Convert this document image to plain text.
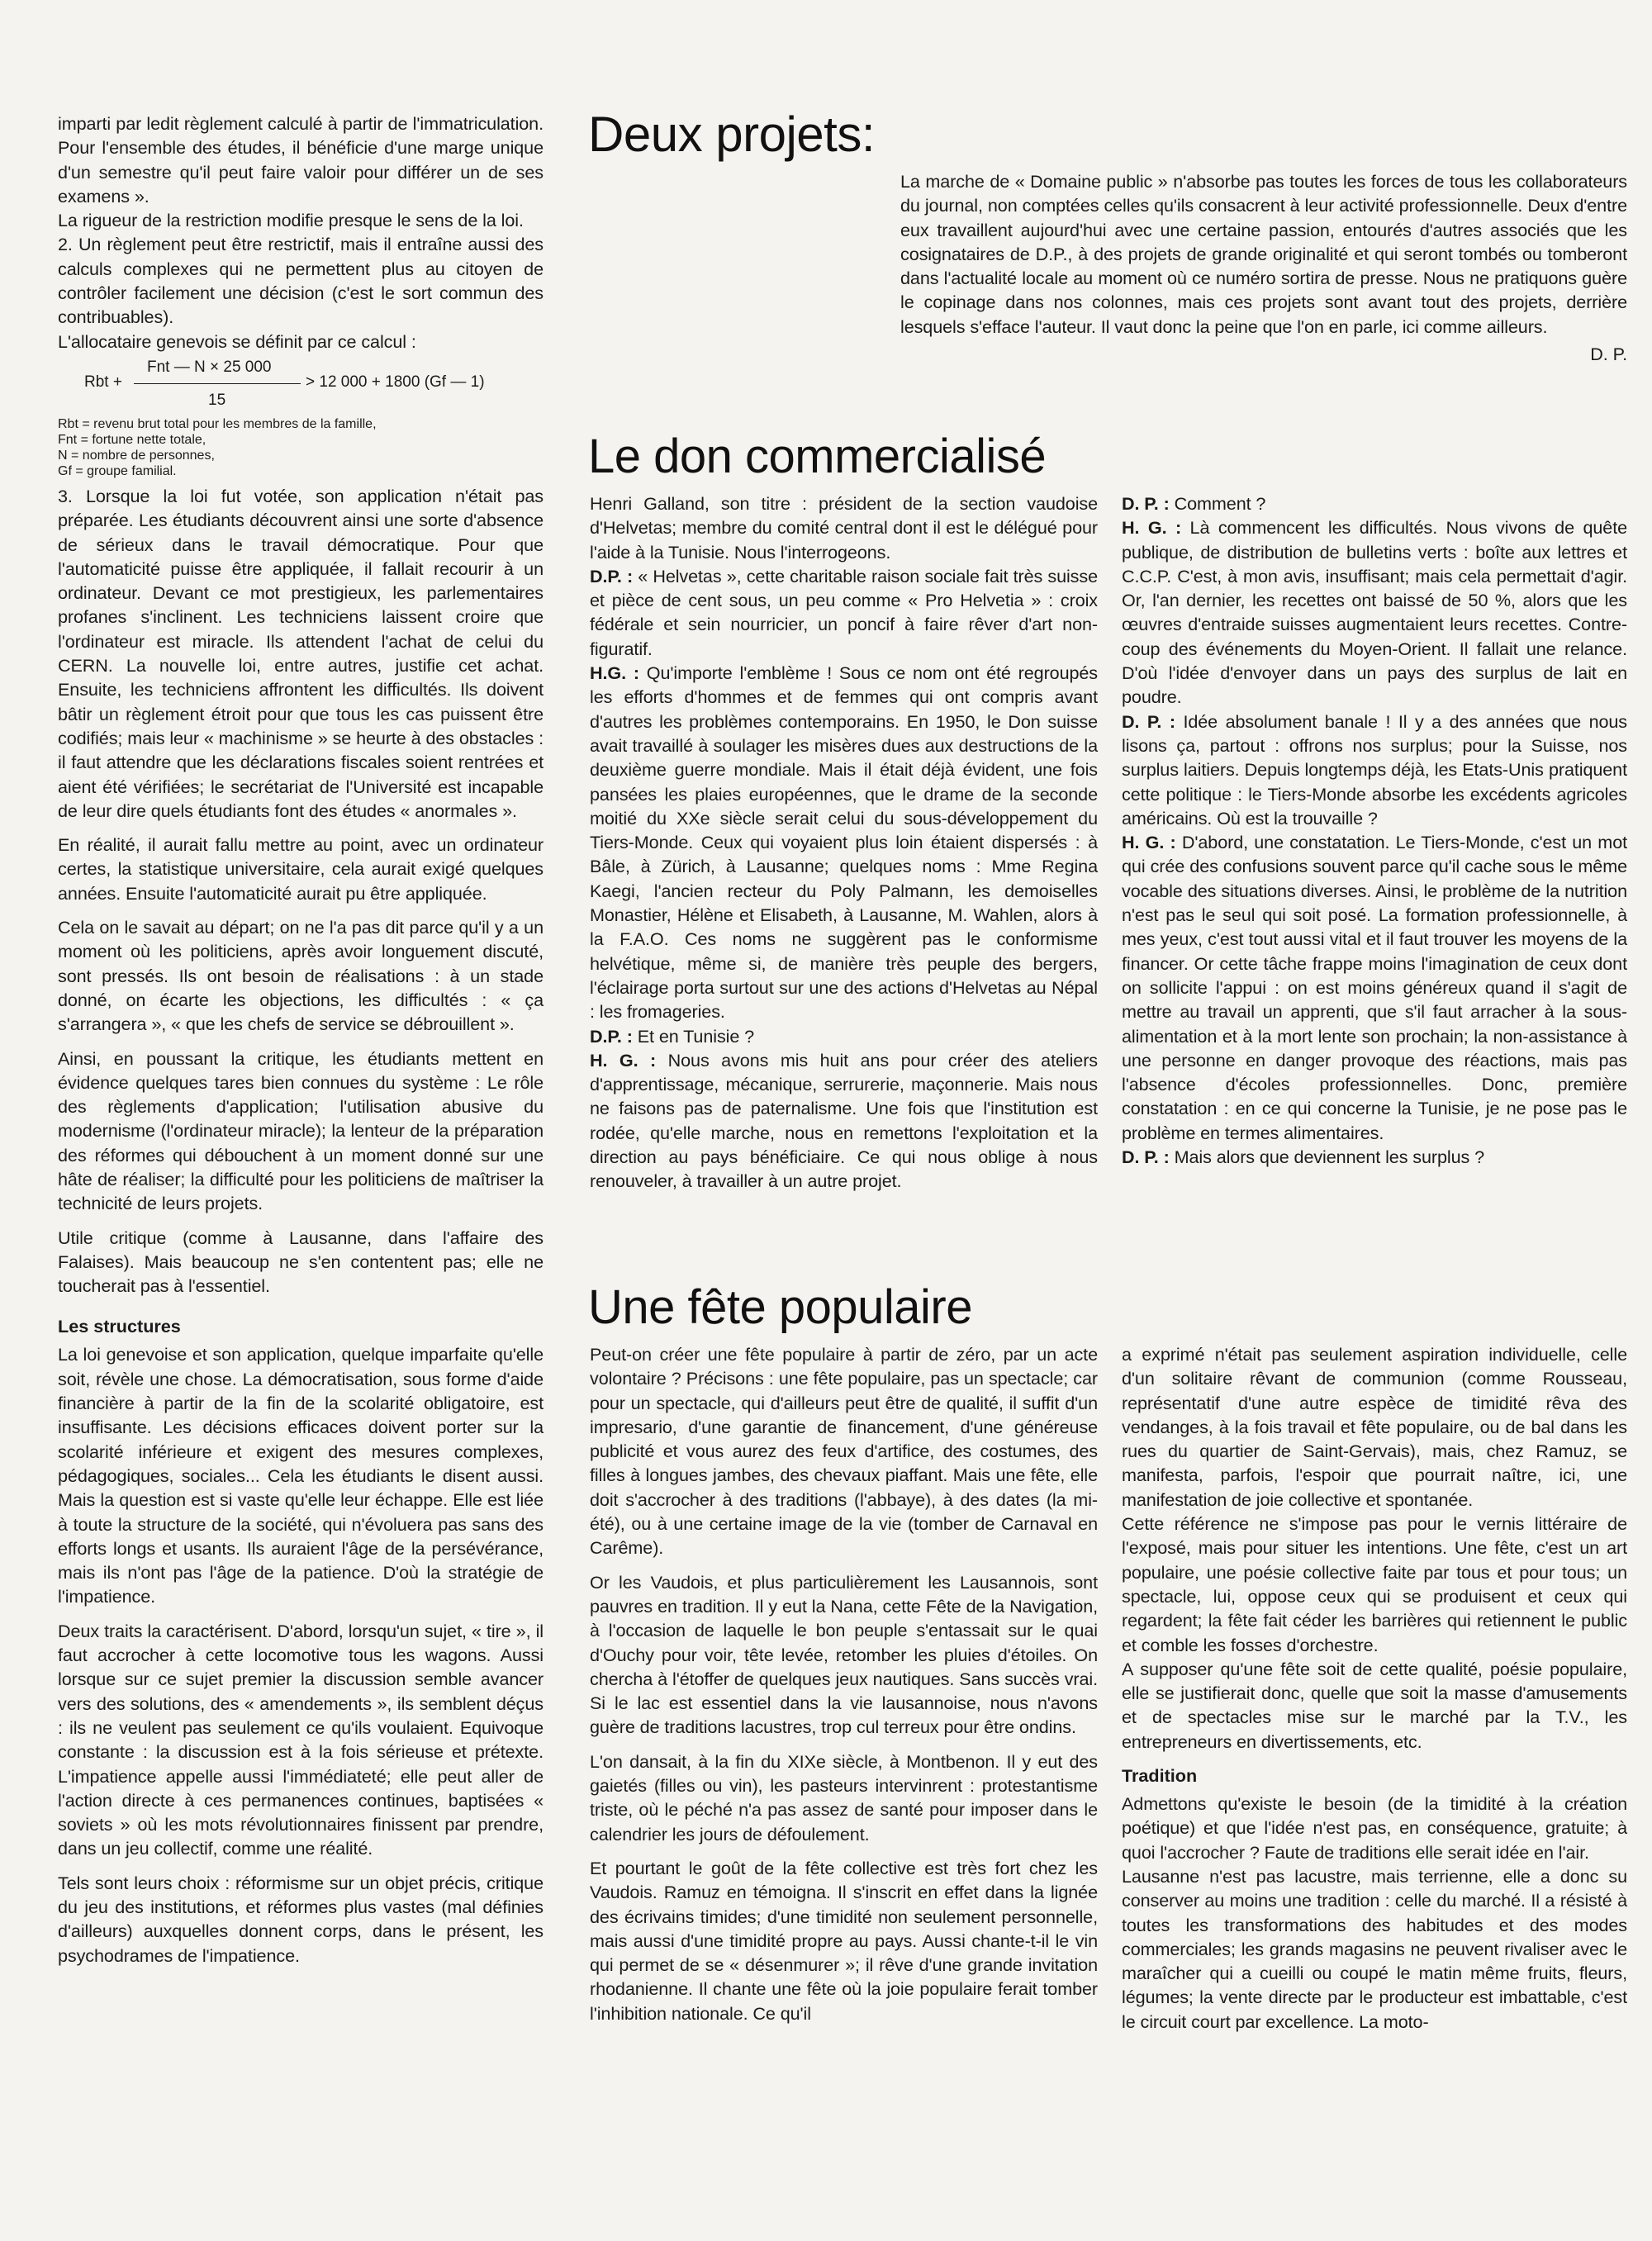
imparti par ledit règlement calculé à partir de l'immatriculation. Pour l'ensemble des études, il bénéficie d'une marge unique d'un semestre qu'il peut faire valoir pour différer un de ses examens ».

La rigueur de la restriction modifie presque le sens de la loi.

2. Un règlement peut être restrictif, mais il entraîne aussi des calculs complexes qui ne permettent plus au citoyen de contrôler facilement une décision (c'est le sort commun des contribuables).

L'allocataire genevois se définit par ce calcul :

Fnt — N × 25 000
Rbt +	> 12 000 + 1800 (Gf — 1)
15

Rbt = revenu brut total pour les membres de la famille,
Fnt = fortune nette totale,
N = nombre de personnes,
Gf = groupe familial.

3. Lorsque la loi fut votée, son application n'était pas préparée. Les étudiants découvrent ainsi une sorte d'absence de sérieux dans le travail démocratique. Pour que l'automaticité puisse être appliquée, il fallait recourir à un ordinateur. Devant ce mot prestigieux, les parlementaires profanes s'inclinent. Les techniciens laissent croire que l'ordinateur est miracle. Ils attendent l'achat de celui du CERN. La nouvelle loi, entre autres, justifie cet achat. Ensuite, les techniciens affrontent les difficultés. Ils doivent bâtir un règlement étroit pour que tous les cas puissent être codifiés; mais leur « machinisme » se heurte à des obstacles : il faut attendre que les déclarations fiscales soient rentrées et aient été vérifiées; le secrétariat de l'Université est incapable de leur dire quels étudiants font des études « anormales ».

En réalité, il aurait fallu mettre au point, avec un ordinateur certes, la statistique universitaire, cela aurait exigé quelques années. Ensuite l'automaticité aurait pu être appliquée.

Cela on le savait au départ; on ne l'a pas dit parce qu'il y a un moment où les politiciens, après avoir longuement discuté, sont pressés. Ils ont besoin de réalisations : à un stade donné, on écarte les objections, les difficultés : « ça s'arrangera », « que les chefs de service se débrouillent ».

Ainsi, en poussant la critique, les étudiants mettent en évidence quelques tares bien connues du système : Le rôle des règlements d'application; l'utilisation abusive du modernisme (l'ordinateur miracle); la lenteur de la préparation des réformes qui débouchent à un moment donné sur une hâte de réaliser; la difficulté pour les politiciens de maîtriser la technicité de leurs projets.

Utile critique (comme à Lausanne, dans l'affaire des Falaises). Mais beaucoup ne s'en contentent pas; elle ne toucherait pas à l'essentiel.

Les structures

La loi genevoise et son application, quelque imparfaite qu'elle soit, révèle une chose. La démocratisation, sous forme d'aide financière à partir de la fin de la scolarité obligatoire, est insuffisante. Les décisions efficaces doivent porter sur la scolarité inférieure et exigent des mesures complexes, pédagogiques, sociales... Cela les étudiants le disent aussi. Mais la question est si vaste qu'elle leur échappe. Elle est liée à toute la structure de la société, qui n'évoluera pas sans des efforts longs et usants. Ils auraient l'âge de la persévérance, mais ils n'ont pas l'âge de la patience. D'où la stratégie de l'impatience.

Deux traits la caractérisent. D'abord, lorsqu'un sujet, « tire », il faut accrocher à cette locomotive tous les wagons. Aussi lorsque sur ce sujet premier la discussion semble avancer vers des solutions, des « amendements », ils semblent déçus : ils ne veulent pas seulement ce qu'ils voulaient. Equivoque constante : la discussion est à la fois sérieuse et prétexte. L'impatience appelle aussi l'immédiateté; elle peut aller de l'action directe à ces permanences continues, baptisées « soviets » où les mots révolutionnaires finissent par prendre, dans un jeu collectif, comme une réalité.

Tels sont leurs choix : réformisme sur un objet précis, critique du jeu des institutions, et réformes plus vastes (mal définies d'ailleurs) auxquelles donnent corps, dans le présent, les psychodrames de l'impatience.

Deux projets:

La marche de « Domaine public » n'absorbe pas toutes les forces de tous les collaborateurs du journal, non comptées celles qu'ils consacrent à leur activité professionnelle. Deux d'entre eux travaillent aujourd'hui avec une certaine passion, entourés d'autres associés que les cosignataires de D.P., à des projets de grande originalité et qui seront tombés ou tomberont dans l'actualité locale au moment où ce numéro sortira de presse. Nous ne pratiquons guère le copinage dans nos colonnes, mais ces projets sont avant tout des projets, derrière lesquels s'efface l'auteur. Il vaut donc la peine que l'on en parle, ici comme ailleurs.

D. P.

Le don commercialisé

Henri Galland, son titre : président de la section vaudoise d'Helvetas; membre du comité central dont il est le délégué pour l'aide à la Tunisie. Nous l'interrogeons.

D.P. : « Helvetas », cette charitable raison sociale fait très suisse et pièce de cent sous, un peu comme « Pro Helvetia » : croix fédérale et sein nourricier, un poncif à faire rêver d'art non-figuratif.

H.G. : Qu'importe l'emblème ! Sous ce nom ont été regroupés les efforts d'hommes et de femmes qui ont compris avant d'autres les problèmes contemporains. En 1950, le Don suisse avait travaillé à soulager les misères dues aux destructions de la deuxième guerre mondiale. Mais il était déjà évident, une fois pansées les plaies européennes, que le drame de la seconde moitié du XXe siècle serait celui du sous-développement du Tiers-Monde. Ceux qui voyaient plus loin étaient dispersés : à Bâle, à Zürich, à Lausanne; quelques noms : Mme Regina Kaegi, l'ancien recteur du Poly Palmann, les demoiselles Monastier, Hélène et Elisabeth, à Lausanne, M. Wahlen, alors à la F.A.O. Ces noms ne suggèrent pas le conformisme helvétique, même si, de manière très peuple des bergers, l'éclairage porta surtout sur une des actions d'Helvetas au Népal : les fromageries.

D.P. : Et en Tunisie ?

H. G. : Nous avons mis huit ans pour créer des ateliers d'apprentissage, mécanique, serrurerie, maçonnerie. Mais nous ne faisons pas de paternalisme. Une fois que l'institution est rodée, qu'elle marche, nous en remettons l'exploitation et la direction au pays bénéficiaire. Ce qui nous oblige à nous renouveler, à travailler à un autre projet.

D. P. : Comment ?

H. G. : Là commencent les difficultés. Nous vivons de quête publique, de distribution de bulletins verts : boîte aux lettres et C.C.P. C'est, à mon avis, insuffisant; mais cela permettait d'agir. Or, l'an dernier, les recettes ont baissé de 50 %, alors que les œuvres d'entraide suisses augmentaient leurs recettes. Contre-coup des événements du Moyen-Orient. Il fallait une relance. D'où l'idée d'envoyer dans un pays des surplus de lait en poudre.

D. P. : Idée absolument banale ! Il y a des années que nous lisons ça, partout : offrons nos surplus; pour la Suisse, nos surplus laitiers. Depuis longtemps déjà, les Etats-Unis pratiquent cette politique : le Tiers-Monde absorbe les excédents agricoles américains. Où est la trouvaille ?

H. G. : D'abord, une constatation. Le Tiers-Monde, c'est un mot qui crée des confusions souvent parce qu'il cache sous le même vocable des situations diverses. Ainsi, le problème de la nutrition n'est pas le seul qui soit posé. La formation professionnelle, à mes yeux, c'est tout aussi vital et il faut trouver les moyens de la financer. Or cette tâche frappe moins l'imagination de ceux dont on sollicite l'appui : on est moins généreux quand il s'agit de mettre au travail un apprenti, que s'il faut arracher à la sous-alimentation et à la mort lente son prochain; la non-assistance à une personne en danger provoque des réactions, mais pas l'absence d'écoles professionnelles. Donc, première constatation : en ce qui concerne la Tunisie, je ne pose pas le problème en termes alimentaires.

D. P. : Mais alors que deviennent les surplus ?

Une fête populaire

Peut-on créer une fête populaire à partir de zéro, par un acte volontaire ? Précisons : une fête populaire, pas un spectacle; car pour un spectacle, qui d'ailleurs peut être de qualité, il suffit d'un impresario, d'une garantie de financement, d'une généreuse publicité et vous aurez des feux d'artifice, des costumes, des filles à longues jambes, des chevaux piaffant. Mais une fête, elle doit s'accrocher à des traditions (l'abbaye), à des dates (la mi-été), ou à une certaine image de la vie (tomber de Carnaval en Carême).

Or les Vaudois, et plus particulièrement les Lausannois, sont pauvres en tradition. Il y eut la Nana, cette Fête de la Navigation, à l'occasion de laquelle le bon peuple s'entassait sur le quai d'Ouchy pour voir, tête levée, retomber les pluies d'étoiles. On chercha à l'étoffer de quelques jeux nautiques. Sans succès vrai. Si le lac est essentiel dans la vie lausannoise, nous n'avons guère de traditions lacustres, trop cul terreux pour être ondins.

L'on dansait, à la fin du XIXe siècle, à Montbenon. Il y eut des gaietés (filles ou vin), les pasteurs intervinrent : protestantisme triste, où le péché n'a pas assez de santé pour imposer dans le calendrier les jours de défoulement.

Et pourtant le goût de la fête collective est très fort chez les Vaudois. Ramuz en témoigna. Il s'inscrit en effet dans la lignée des écrivains timides; d'une timidité non seulement personnelle, mais aussi d'une timidité propre au pays. Aussi chante-t-il le vin qui permet de se « désenmurer »; il rêve d'une grande invitation rhodanienne. Il chante une fête où la joie populaire ferait tomber l'inhibition nationale. Ce qu'il

a exprimé n'était pas seulement aspiration individuelle, celle d'un solitaire rêvant de communion (comme Rousseau, représentatif d'une autre espèce de timidité rêva des vendanges, à la fois travail et fête populaire, ou de bal dans les rues du quartier de Saint-Gervais), mais, chez Ramuz, se manifesta, parfois, l'espoir que pourrait naître, ici, une manifestation de joie collective et spontanée.

Cette référence ne s'impose pas pour le vernis littéraire de l'exposé, mais pour situer les intentions. Une fête, c'est un art populaire, une poésie collective faite par tous et pour tous; un spectacle, lui, oppose ceux qui se produisent et ceux qui regardent; la fête fait céder les barrières qui retiennent le public et comble les fosses d'orchestre.

A supposer qu'une fête soit de cette qualité, poésie populaire, elle se justifierait donc, quelle que soit la masse d'amusements et de spectacles mise sur le marché par la T.V., les entrepreneurs en divertissements, etc.

Tradition

Admettons qu'existe le besoin (de la timidité à la création poétique) et que l'idée n'est pas, en conséquence, gratuite; à quoi l'accrocher ? Faute de traditions elle serait idée en l'air.

Lausanne n'est pas lacustre, mais terrienne, elle a donc su conserver au moins une tradition : celle du marché. Il a résisté à toutes les transformations des habitudes et des modes commerciales; les grands magasins ne peuvent rivaliser avec le maraîcher qui a cueilli ou coupé le matin même fruits, fleurs, légumes; la vente directe par le producteur est imbattable, c'est le circuit court par excellence. La moto-
